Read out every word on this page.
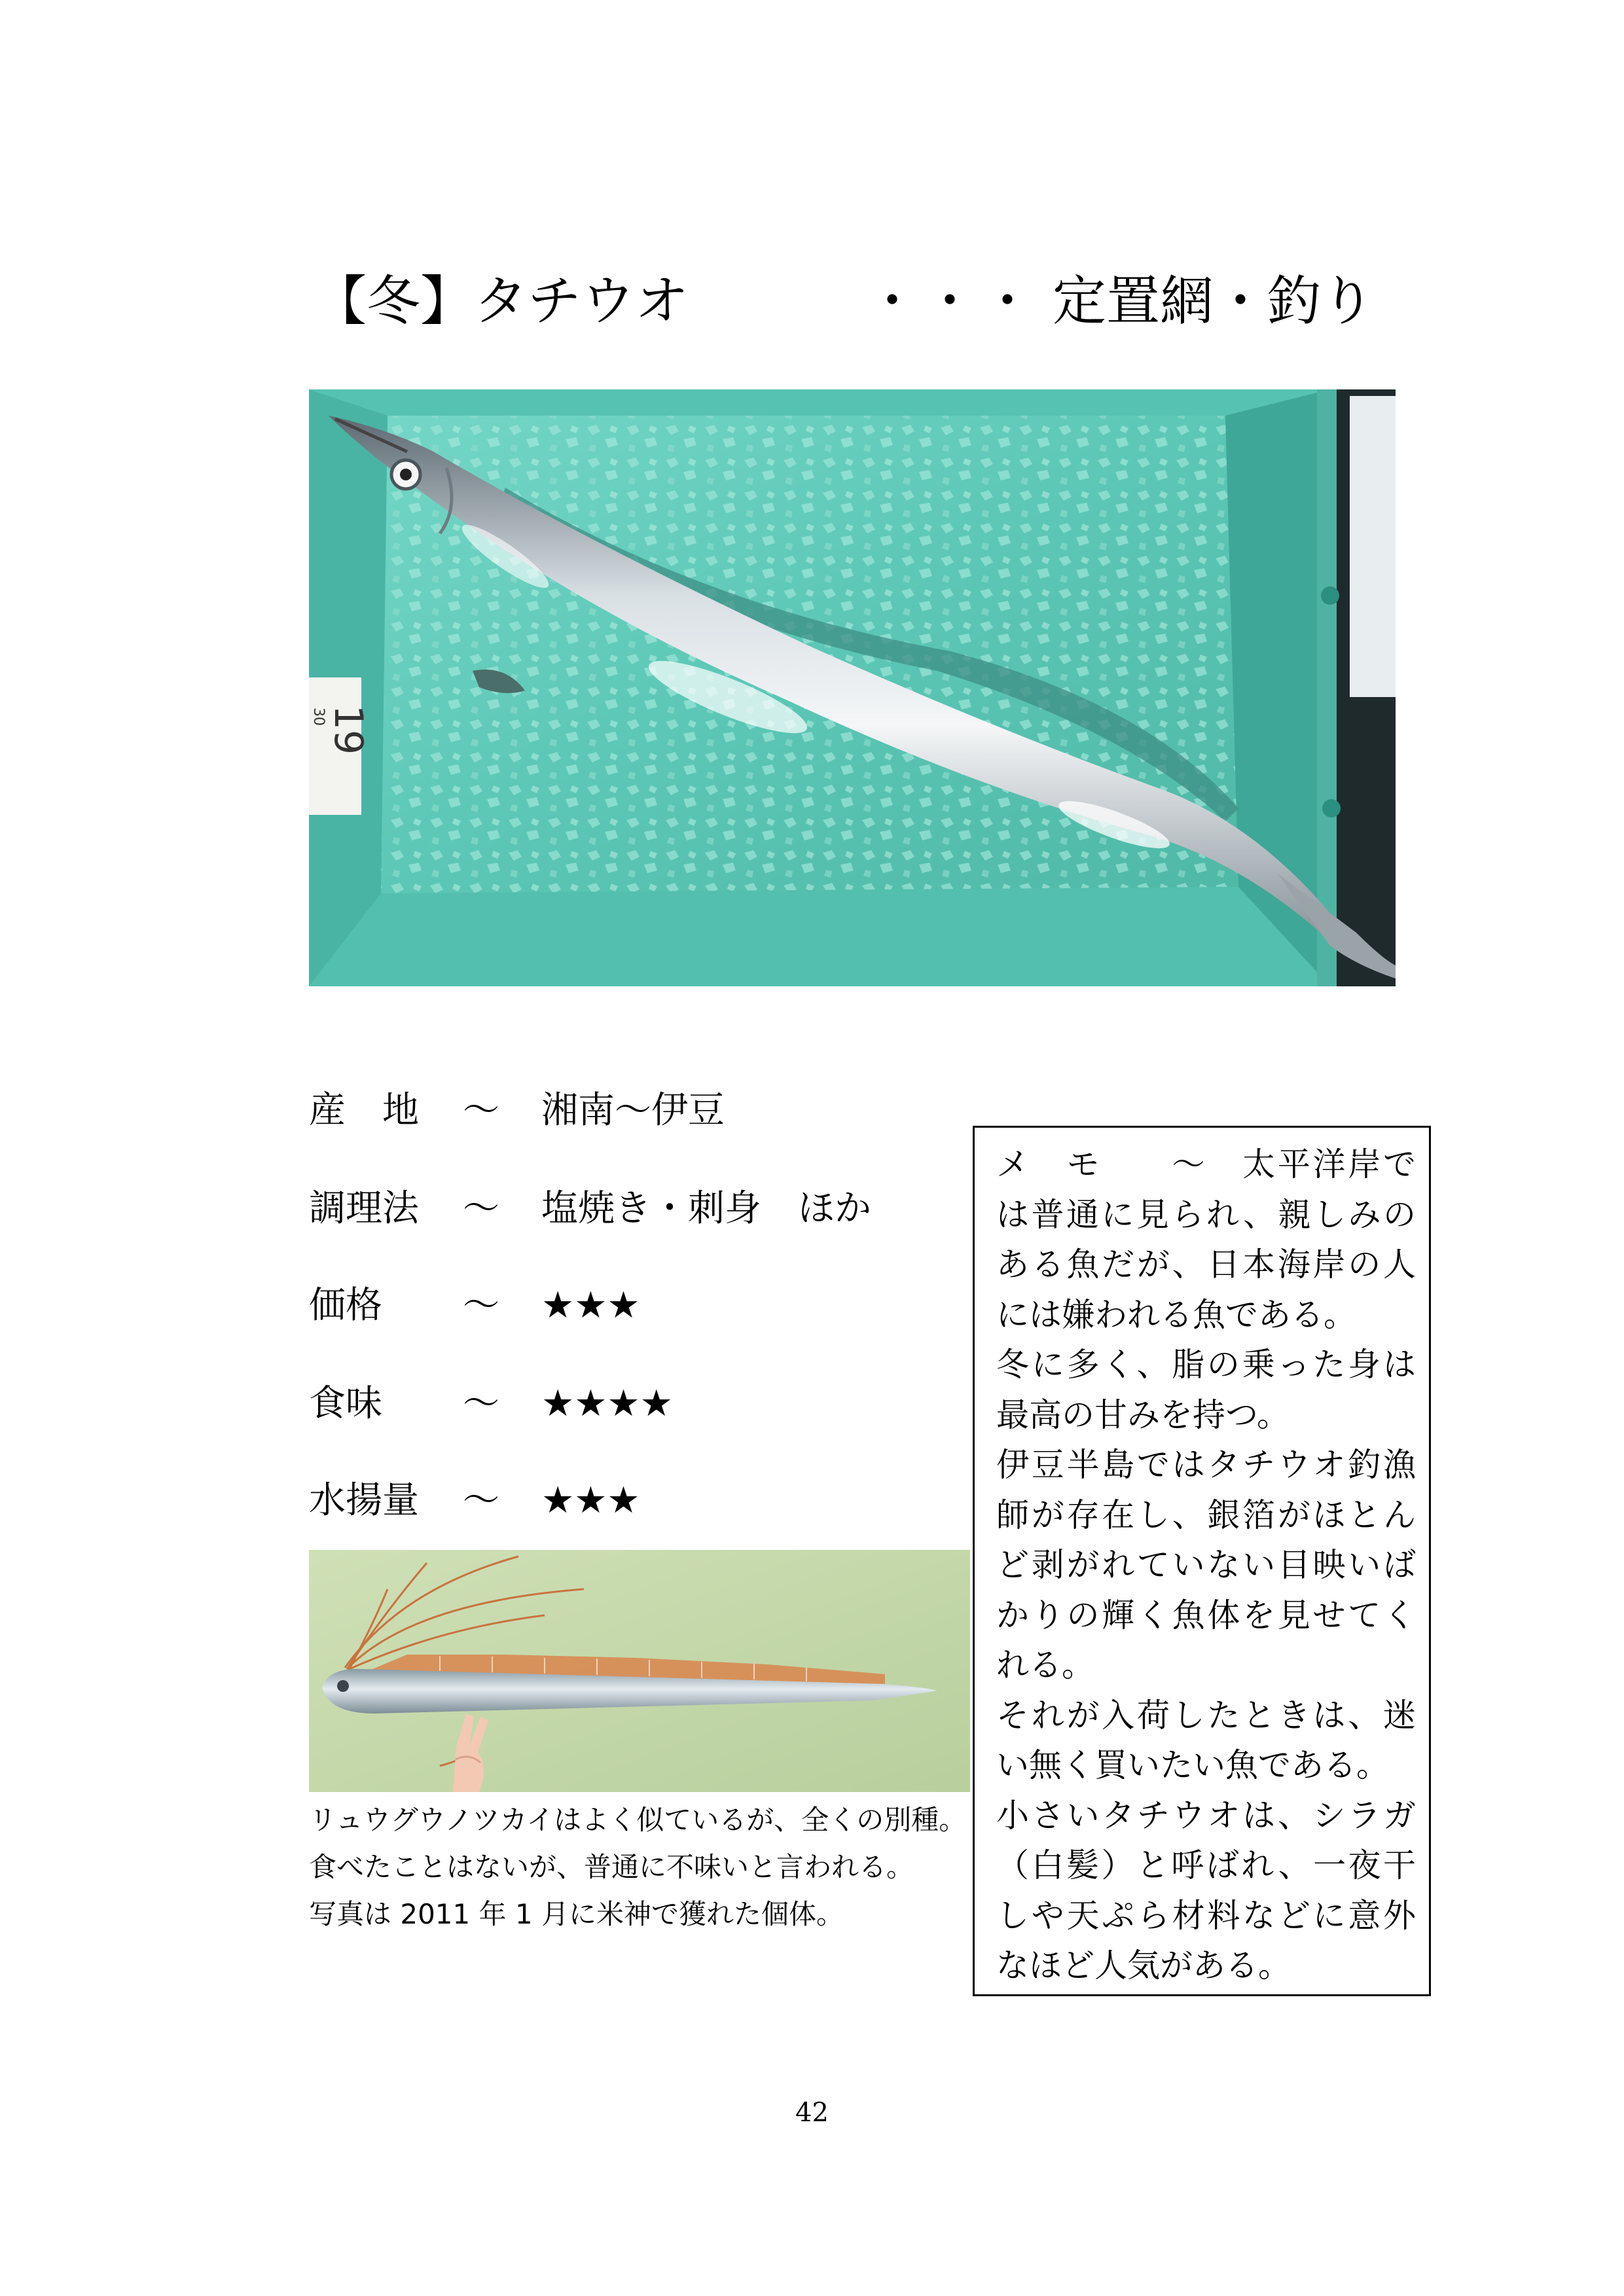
【冬】タチウオ	・・・ 定置網・釣り
19
30
産　地 ～ 湘南～伊豆
調理法 ～ 塩焼き・刺身　ほか
価格 ～ ★★★
食味 ～ ★★★★
水揚量 ～ ★★★

リュウグウノツカイはよく似ているが、全くの別種。食べたことはないが、普通に不味いと言われる。

写真は 2011 年 1 月に米神で獲れた個体。

メ　モ　　～　太平洋岸では普通に見られ、親しみのある魚だが、日本海岸の人には嫌われる魚である。

冬に多く、脂の乗った身は最高の甘みを持つ。

伊豆半島ではタチウオ釣漁師が存在し、銀箔がほとんど剥がれていない目映いばかりの輝く魚体を見せてくれる。

それが入荷したときは、迷い無く買いたい魚である。

小さいタチウオは、シラガ（白髪）と呼ばれ、一夜干しや天ぷら材料などに意外なほど人気がある。

42
